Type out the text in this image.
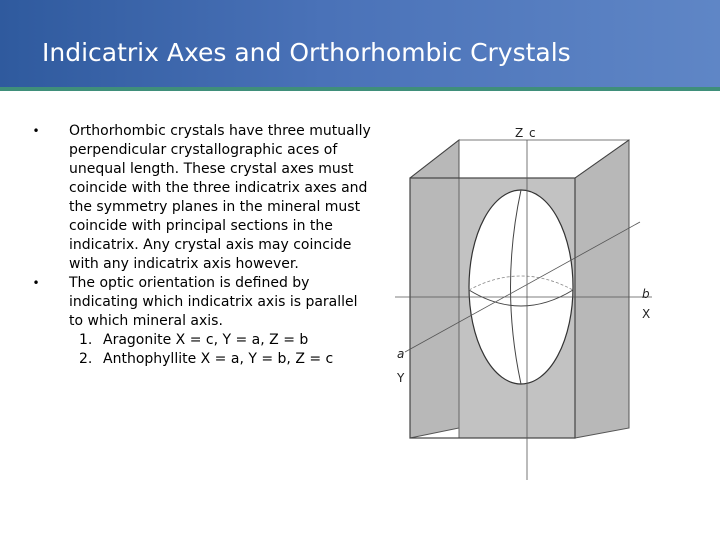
Indicatrix Axes and Orthorhombic Crystals
• Orthorhombic crystals have three mutually perpendicular crystallographic aces of unequal length. These crystal axes must coincide with the three indicatrix axes and the symmetry planes in the mineral must coincide with principal sections in the indicatrix. Any crystal axis may coincide with any indicatrix axis however.
• The optic orientation is defined by indicating which indicatrix axis is parallel to which mineral axis.
1. Aragonite X = c, Y = a, Z = b
2. Anthophyllite X = a, Y = b, Z = c
Z c
b
X
a
Y
